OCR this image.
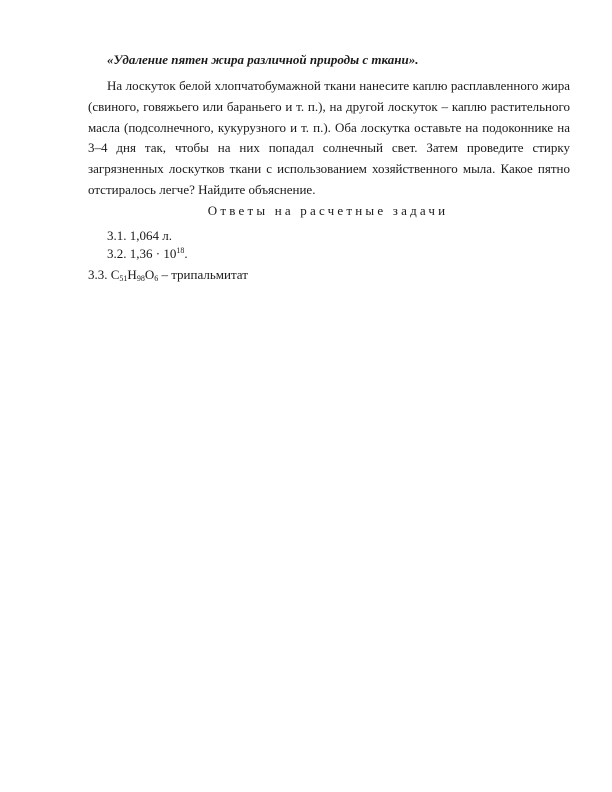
«Удаление пятен жира различной природы с ткани».

На лоскуток белой хлопчатобумажной ткани нанесите каплю расплавленного жира (свиного, говяжьего или бараньего и т. п.), на другой лоскуток – каплю растительного масла (подсолнечного, кукурузного и т. п.). Оба лоскутка оставьте на подоконнике на 3–4 дня так, чтобы на них попадал солнечный свет. Затем проведите стирку загрязненных лоскутков ткани с использованием хозяйственного мыла. Какое пятно отстиралось легче? Найдите объяснение.

Ответы на расчетные задачи
3.1. 1,064 л.
3.2. $1,36 \cdot 10^{18}$.
3.3. $C_{51}H_{98}O_6$ – трипальмитат
